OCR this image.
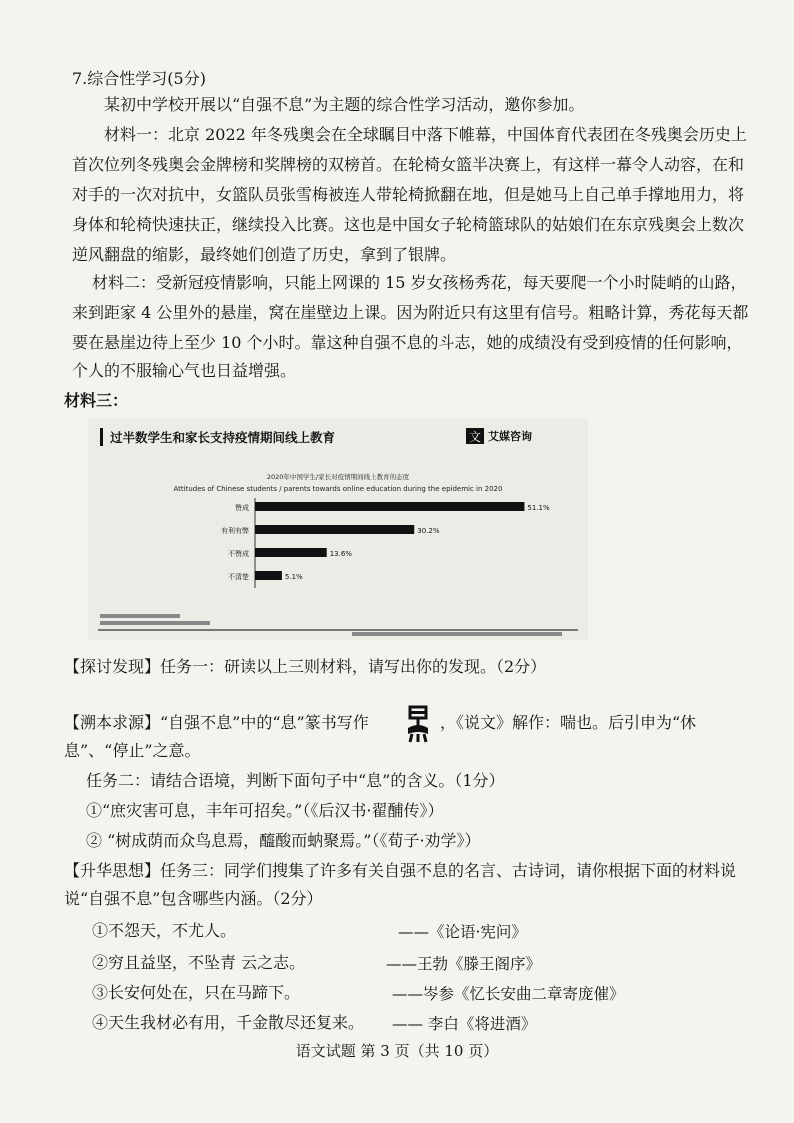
7.综合性学习(5分)
某初中学校开展以“自强不息”为主题的综合性学习活动，邀你参加。
材料一：北京 2022 年冬残奥会在全球瞩目中落下帷幕，中国体育代表团在冬残奥会历史上
首次位列冬残奥会金牌榜和奖牌榜的双榜首。在轮椅女篮半决赛上，有这样一幕令人动容，在和
对手的一次对抗中，女篮队员张雪梅被连人带轮椅掀翻在地，但是她马上自己单手撑地用力，将
身体和轮椅快速扶正，继续投入比赛。这也是中国女子轮椅篮球队的姑娘们在东京残奥会上数次
逆风翻盘的缩影，最终她们创造了历史，拿到了银牌。
材料二：受新冠疫情影响，只能上网课的 15 岁女孩杨秀花，每天要爬一个小时陡峭的山路，
来到距家 4 公里外的悬崖，窝在崖壁边上课。因为附近只有这里有信号。粗略计算，秀花每天都
要在悬崖边待上至少 10 个小时。靠这种自强不息的斗志，她的成绩没有受到疫情的任何影响，
个人的不服输心气也日益增强。
材料三：
过半数学生和家长支持疫情期间线上教育	文 艾媒咨询
2020年中国学生/家长对疫情期间线上教育的态度
Attitudes of Chinese students / parents towards online education during the epidemic in 2020
赞成	51.1%
有利有弊	30.2%
不赞成	13.6%
不清楚	5.1%
【探讨发现】任务一：研读以上三则材料，请写出你的发现。（2分）
【溯本求源】“自强不息”中的“息”篆书写作	，《说文》解作：喘也。后引申为“休
息”、“停止”之意。
任务二：请结合语境，判断下面句子中“息”的含义。（1分）
①“庶灾害可息，丰年可招矣。”（《后汉书·翟酺传》）
② “树成荫而众鸟息焉，醯酸而蚋聚焉。”（《荀子·劝学》）
【升华思想】任务三：同学们搜集了许多有关自强不息的名言、古诗词，请你根据下面的材料说
说“自强不息”包含哪些内涵。（2分）
①不怨天，不尤人。	——《论语·宪问》
②穷且益坚，不坠青 云之志。	——王勃《滕王阁序》
③长安何处在，只在马蹄下。	——岑参《忆长安曲二章寄庞催》
④天生我材必有用，千金散尽还复来。 —— 李白《将进酒》
语文试题 第 3 页（共 10 页）
